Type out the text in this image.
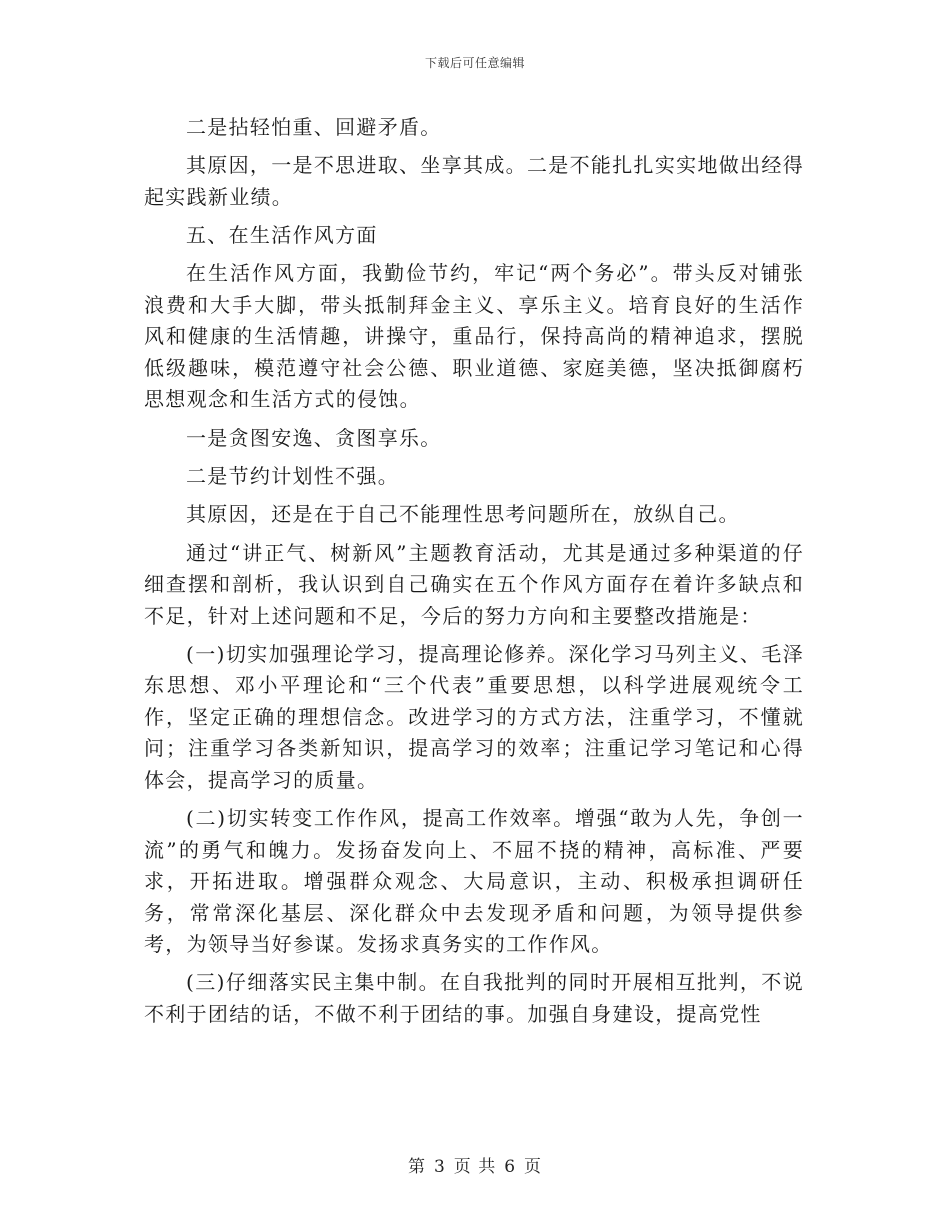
下载后可任意编辑

二是拈轻怕重、回避矛盾。

其原因，一是不思进取、坐享其成。二是不能扎扎实实地做出经得起实践新业绩。

五、在生活作风方面

在生活作风方面，我勤俭节约，牢记“两个务必”。带头反对铺张浪费和大手大脚，带头抵制拜金主义、享乐主义。培育良好的生活作风和健康的生活情趣，讲操守，重品行，保持高尚的精神追求，摆脱低级趣味，模范遵守社会公德、职业道德、家庭美德，坚决抵御腐朽思想观念和生活方式的侵蚀。

一是贪图安逸、贪图享乐。

二是节约计划性不强。

其原因，还是在于自己不能理性思考问题所在，放纵自己。

通过“讲正气、树新风”主题教育活动，尤其是通过多种渠道的仔细查摆和剖析，我认识到自己确实在五个作风方面存在着许多缺点和不足，针对上述问题和不足，今后的努力方向和主要整改措施是：

(一)切实加强理论学习，提高理论修养。深化学习马列主义、毛泽东思想、邓小平理论和“三个代表”重要思想，以科学进展观统令工作，坚定正确的理想信念。改进学习的方式方法，注重学习，不懂就问；注重学习各类新知识，提高学习的效率；注重记学习笔记和心得体会，提高学习的质量。

(二)切实转变工作作风，提高工作效率。增强“敢为人先，争创一流”的勇气和魄力。发扬奋发向上、不屈不挠的精神，高标准、严要求，开拓进取。增强群众观念、大局意识，主动、积极承担调研任务，常常深化基层、深化群众中去发现矛盾和问题，为领导提供参考，为领导当好参谋。发扬求真务实的工作作风。

(三)仔细落实民主集中制。在自我批判的同时开展相互批判，不说不利于团结的话，不做不利于团结的事。加强自身建设，提高党性

第 3 页 共 6 页
